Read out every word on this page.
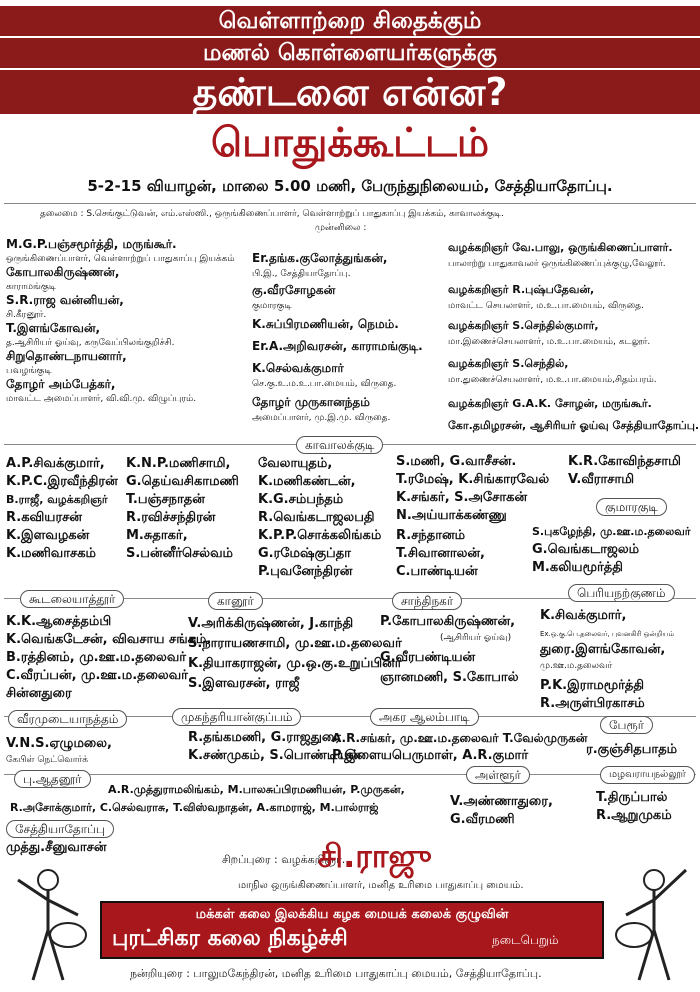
வெள்ளாற்றை சிதைக்கும்
மணல் கொள்ளையர்களுக்கு
தண்டனை என்ன?
பொதுக்கூட்டம்
5-2-15 வியாழன், மாலை 5.00 மணி, பேருந்துநிலையம், சேத்தியாதோப்பு.
தலைமை : S.செங்குட்டுவன், எம்.எஸ்ஸி., ஒருங்கிணைப்பாளர், வெள்ளாற்றுப் பாதுகாப்பு இயக்கம், காவாலக்குடி.
முன்னிலை :
M.G.P.பஞ்சமூர்த்தி, மருங்கூர்.
ஒருங்கிணைப்பாளர், வெள்ளாற்றுப் பாதுகாப்பு இயக்கம்
கோபாலகிருஷ்ணன்,
காராமங்குடி
S.R.ராஜ வன்னியன்,
சி.கீரனூர்.
T.இளங்கோவன்,
த.ஆசிரியர் ஓய்வு, கருவேப்பிலங்குறிச்சி.
சிறுதொண்டநாயனார்,
பவழங்குடி
தோழர் அம்பேத்கர்,
மாவட்ட அமைப்பாளர், வி.வி.மு. விழுப்புரம்.
Er.தங்க.குலோத்துங்கன்,
பி.இ., சேத்தியாதோப்பு.
கு.வீரசோழகன்
குமாரகுடி
K.சுப்பிரமணியன், நெமம்.
Er.A.அறிவரசன், காராமங்குடி.
K.செல்வக்குமார்
செ.கு.உ.ம.உ.பா.மையம், விருதை.
தோழர் முருகானந்தம்
அமைப்பாளர், மு.இ.மு. விருதை.
வழக்கறிஞர் வே.பாலு, ஒருங்கிணைப்பாளர்.
பாலாற்று பாதுகாவலர் ஒருங்கிணைப்புக்குழு,வேலூர்.
வழக்கறிஞர் R.புஷ்பதேவன்,
மாவட்ட செயலாளர், ம.உ.பா.மையம், விருதை.
வழக்கறிஞர் S.செந்தில்குமார்,
மா.இணைச்செயலாளர், ம.உ.பா.மையம், கடலூர்.
வழக்கறிஞர் S.செந்தில்,
மா.துணைச்செயலாளர், ம.உ.பா.மையம்,சிதம்பரம்.
வழக்கறிஞர் G.A.K. சோழன், மருங்கூர்.
கோ.தமிழரசன், ஆசிரியர் ஓய்வு சேத்தியாதோப்பு.
காவாலக்குடி
A.P.சிவக்குமார்,
K.P.C.இரவீந்திரன்
B.ராஜீ, வழக்கறிஞர்
R.கவியரசன்
K.இளவழகன்
K.மணிவாசகம்
K.N.P.மணிசாமி,
G.தெய்வசிகாமணி
T.பஞ்சநாதன்
R.ரவிச்சந்திரன்
M.சுதாகர்,
S.பன்னீர்செல்வம்
வேலாயுதம்,
K.மணிகண்டன்,
K.G.சம்பந்தம்
R.வெங்கடாஜலபதி
K.P.P.சொக்கலிங்கம்
G.ரமேஷ்குப்தா
P.புவனேந்திரன்
S.மணி, G.வாசீசன்.
T.ரமேஷ், K.சிங்காரவேல்
K.சங்கர், S.அசோகன்
N.அய்யாக்கண்ணு
R.சந்தானம்
T.சிவானாலன்,
C.பாண்டியன்
K.R.கோவிந்தசாமி
V.வீராசாமி
குமாரகுடி
S.புகழேந்தி, மு.ஊ.ம.தலைவர்
G.வெங்கடாஜலம்
M.கலியமூர்த்தி
கூடலையாத்தூர்	கானூர்	சாந்திநகர்
பெரியநற்குணம்
K.K.ஆசைத்தம்பி
K.வெங்கடேசன், விவசாய சங்கம்.
B.ரத்தினம், மு.ஊ.ம.தலைவர்
C.வீரப்பன், மு.ஊ.ம.தலைவர்
சின்னதுரை
V.அரிக்கிருஷ்ணன், J.காந்தி
S.நாராயணசாமி, மு.ஊ.ம.தலைவர்
K.தியாகராஜன், மு.ஒ.கு.உறுப்பினர்
S.இளவரசன், ராஜீ
P.கோபாலகிருஷ்ணன்,
(ஆசிரியர் ஓய்வு)
G.வீரபண்டியன்
ஞானமணி, S.கோபால்
K.சிவக்குமார்,
Ex.ஒ.கு.பெ.தலைவர், புவனகிரி ஒன்றியம்
துரை.இளங்கோவன்,
மு.ஊ.ம.தலைவர்
P.K.இராமமூர்த்தி
R.அருள்பிரகாசம்
வீரமுடையாநத்தம்	முகந்தரியான்குப்பம்	அகர ஆலம்பாடி
பேரூர்
V.N.S.ஏழுமலை,
கேபிள் நெட்வொர்க்
R.தங்கமணி, G.ராஜதுரை
K.சண்முகம், S.பொண்டியன்
A.R.சங்கர், மு.ஊ.ம.தலைவர் T.வேல்முருகன்
P.இளையபெருமாள், A.R.குமார்	ர.குஞ்சிதபாதம்
பு.ஆதனூர்	அள்ளூர்	மழவராயநல்லூர்
A.R.முத்துராமலிங்கம், M.பாலசுப்பிரமணியன், P.முருகன்,
R.அசோக்குமார், C.செல்வராசு, T.விஸ்வநாதன், A.காமராஜ், M.பால்ராஜ்	V.அண்ணாதுரை,
G.வீரமணி
T.திருப்பால்
R.ஆறுமுகம்
சேத்தியாதோப்பு
முத்து.சீனுவாசன்
சிறப்புரை : வழக்கறிஞர்.
சி.ராஜு
மாநில ஒருங்கிணைப்பாளர், மனித உரிமை பாதுகாப்பு மையம்.
மக்கள் கலை இலக்கிய கழக மையக் கலைக் குழுவின்
புரட்சிகர கலை நிகழ்ச்சி	நடைபெறும்
நன்றியுரை : பாலுமகேந்திரன், மனித உரிமை பாதுகாப்பு மையம், சேத்தியாதோப்பு.
